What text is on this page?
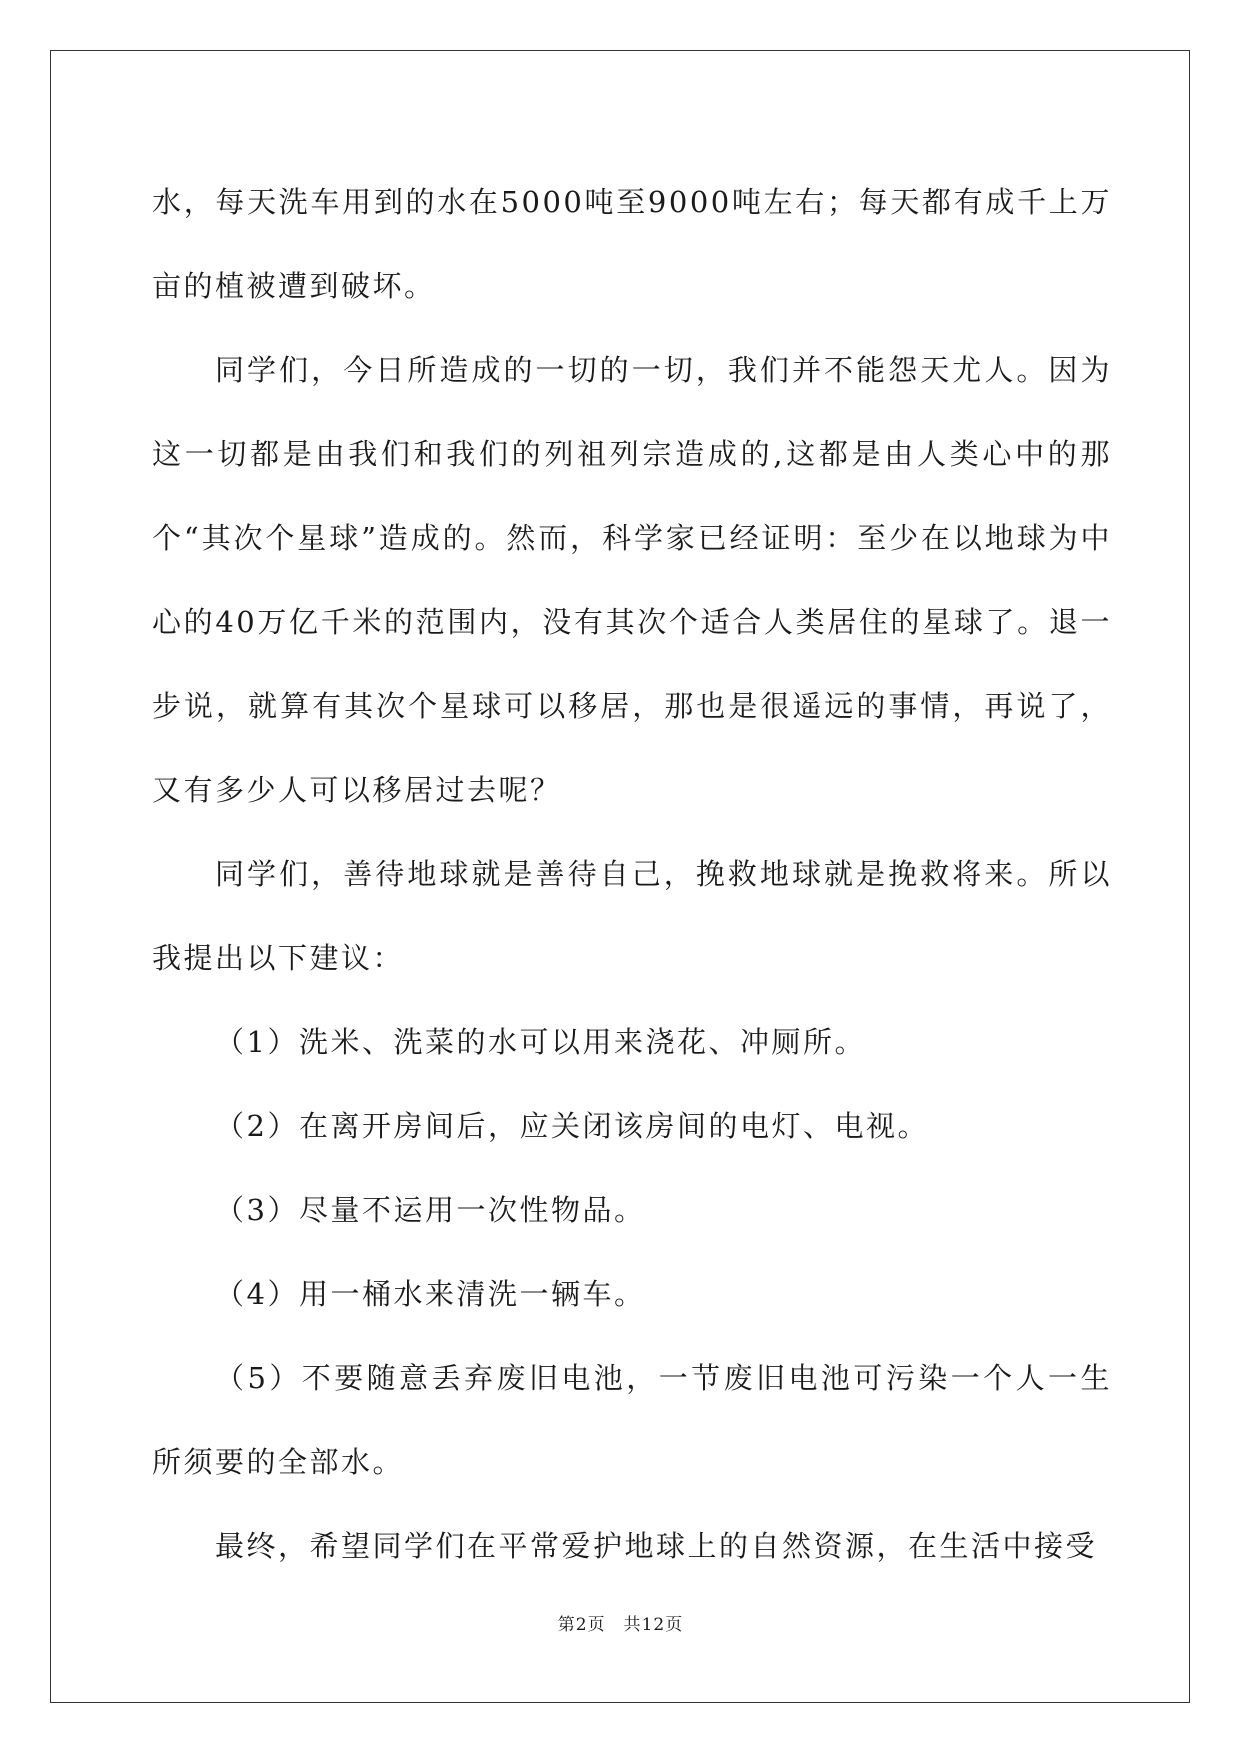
水，每天洗车用到的水在5000吨至9000吨左右；每天都有成千上万亩的植被遭到破坏。

同学们，今日所造成的一切的一切，我们并不能怨天尤人。因为这一切都是由我们和我们的列祖列宗造成的,这都是由人类心中的那个“其次个星球”造成的。然而，科学家已经证明：至少在以地球为中心的40万亿千米的范围内，没有其次个适合人类居住的星球了。退一步说，就算有其次个星球可以移居，那也是很遥远的事情，再说了，又有多少人可以移居过去呢？

同学们，善待地球就是善待自己，挽救地球就是挽救将来。所以我提出以下建议：

（1）洗米、洗菜的水可以用来浇花、冲厕所。

（2）在离开房间后，应关闭该房间的电灯、电视。

（3）尽量不运用一次性物品。

（4）用一桶水来清洗一辆车。

（5）不要随意丢弃废旧电池，一节废旧电池可污染一个人一生所须要的全部水。

最终，希望同学们在平常爱护地球上的自然资源，在生活中接受

第2页 共12页
